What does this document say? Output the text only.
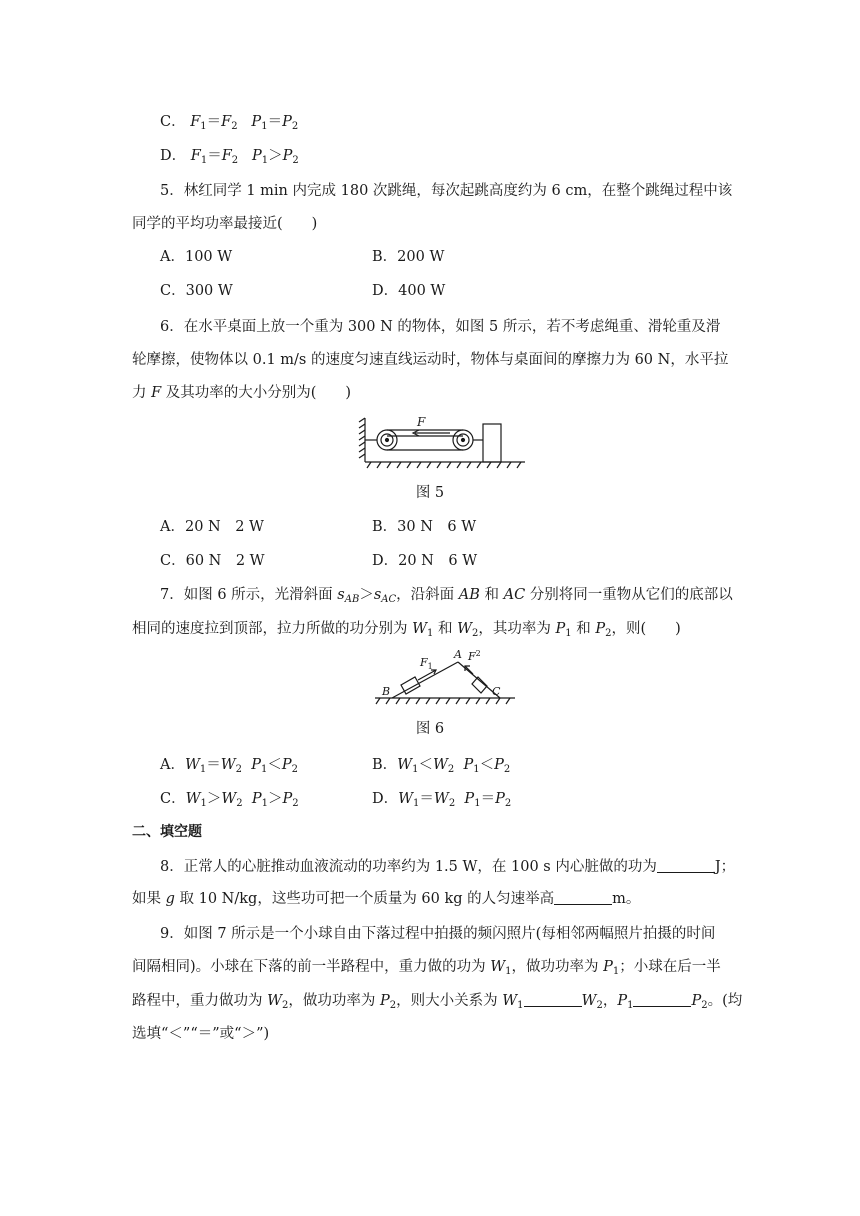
C． $F_1=F_2$ $P_1=P_2$
D． $F_1=F_2$ $P_1>P_2$
5．林红同学 1 min 内完成 180 次跳绳，每次起跳高度约为 6 cm，在整个跳绳过程中该
同学的平均功率最接近(　　)
A．100 W	B．200 W
C．300 W	D．400 W
6．在水平桌面上放一个重为 300 N 的物体，如图 5 所示，若不考虑绳重、滑轮重及滑
轮摩擦，使物体以 0.1 m/s 的速度匀速直线运动时，物体与桌面间的摩擦力为 60 N，水平拉
力 F 及其功率的大小分别为(　　)
F
图 5
A．20 N　2 W	B．30 N　6 W
C．60 N　2 W	D．20 N　6 W
7．如图 6 所示，光滑斜面 $s_{AB}>s_{AC}$，沿斜面 AB 和 AC 分别将同一重物从它们的底部以
相同的速度拉到顶部，拉力所做的功分别为 $W_1$ 和 $W_2$，其功率为 $P_1$ 和 $P_2$，则(　　)
A
B	C
$F_1$
$F^2$
图 6
A．$W_1=W_2$ $P_1<P_2$	B．$W_1<W_2$ $P_1<P_2$
C．$W_1>W_2$ $P_1>P_2$	D．$W_1=W_2$ $P_1=P_2$
二、填空题
8．正常人的心脏推动血液流动的功率约为 1.5 W，在 100 s 内心脏做的功为	J；
如果 g 取 10 N/kg，这些功可把一个质量为 60 kg 的人匀速举高	m。
9．如图 7 所示是一个小球自由下落过程中拍摄的频闪照片(每相邻两幅照片拍摄的时间
间隔相同)。小球在下落的前一半路程中，重力做的功为 $W_1$，做功功率为 $P_1$；小球在后一半
路程中，重力做功为 $W_2$，做功功率为 $P_2$，则大小关系为 $W_1$	$W_2$，$P_1$	$P_2$。(均
选填“＜”“＝”或“＞”)
